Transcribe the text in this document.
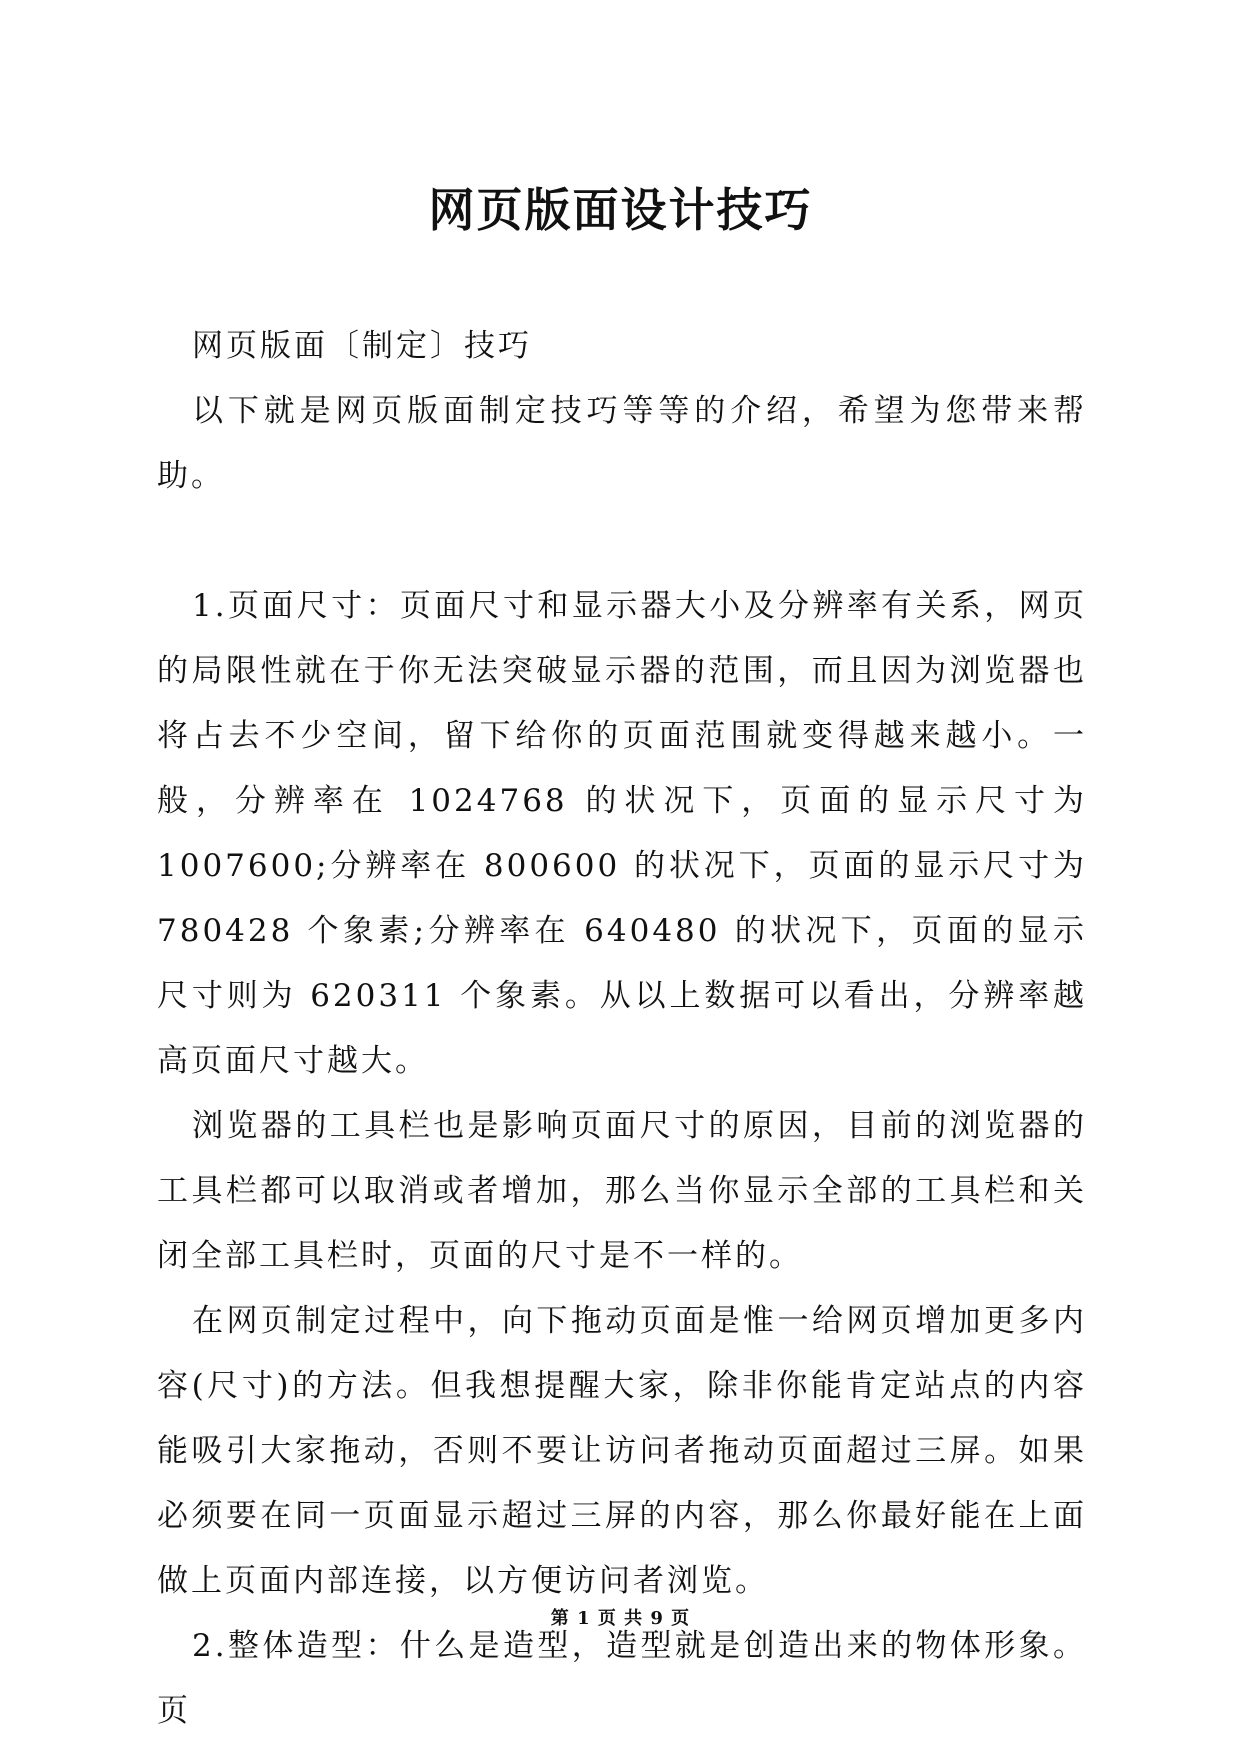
网页版面设计技巧

网页版面〔制定〕技巧

以下就是网页版面制定技巧等等的介绍，希望为您带来帮助。

1.页面尺寸：页面尺寸和显示器大小及分辨率有关系，网页的局限性就在于你无法突破显示器的范围，而且因为浏览器也将占去不少空间，留下给你的页面范围就变得越来越小。一般，分辨率在 1024768 的状况下，页面的显示尺寸为 1007600;分辨率在 800600 的状况下，页面的显示尺寸为 780428 个象素;分辨率在 640480 的状况下，页面的显示尺寸则为 620311 个象素。从以上数据可以看出，分辨率越高页面尺寸越大。

浏览器的工具栏也是影响页面尺寸的原因，目前的浏览器的工具栏都可以取消或者增加，那么当你显示全部的工具栏和关闭全部工具栏时，页面的尺寸是不一样的。

在网页制定过程中，向下拖动页面是惟一给网页增加更多内容(尺寸)的方法。但我想提醒大家，除非你能肯定站点的内容能吸引大家拖动，否则不要让访问者拖动页面超过三屏。如果必须要在同一页面显示超过三屏的内容，那么你最好能在上面做上页面内部连接，以方便访问者浏览。

2.整体造型：什么是造型，造型就是创造出来的物体形象。页

第 1 页 共 9 页
